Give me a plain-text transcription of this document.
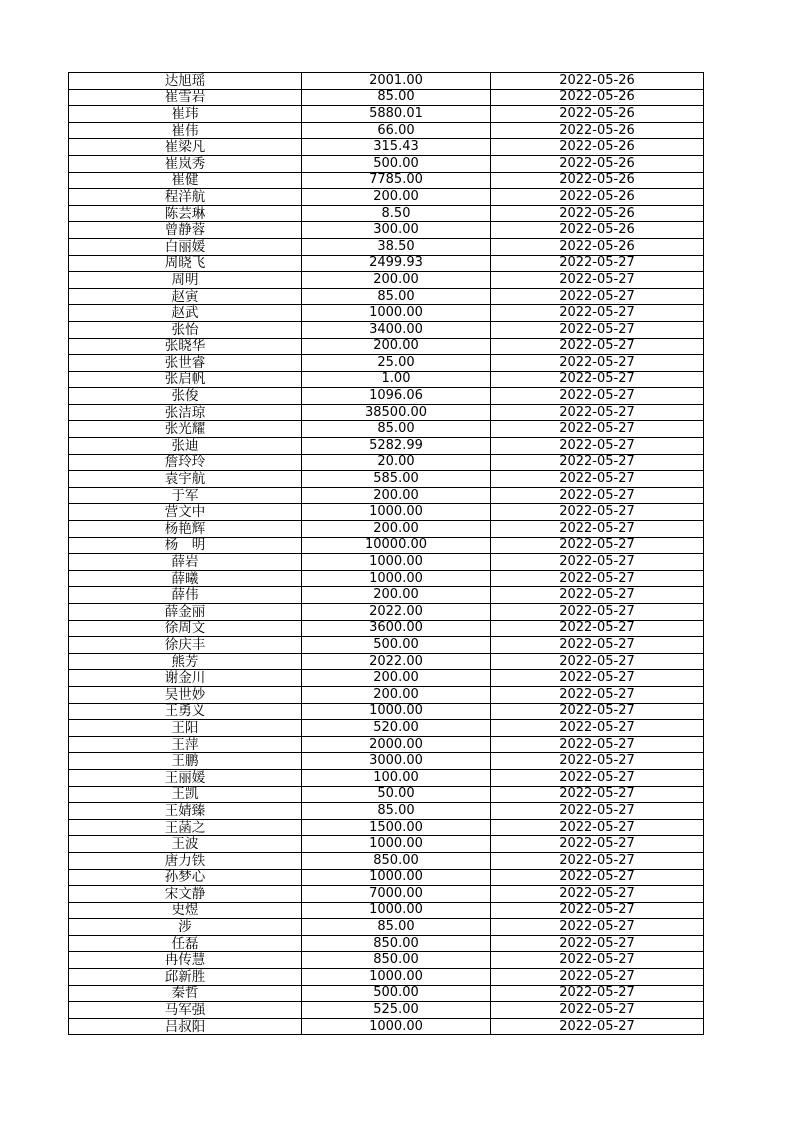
达旭瑶	2001.00	2022-05-26
崔雪岩	85.00	2022-05-26
崔玮	5880.01	2022-05-26
崔伟	66.00	2022-05-26
崔梁凡	315.43	2022-05-26
崔岚秀	500.00	2022-05-26
崔健	7785.00	2022-05-26
程洋航	200.00	2022-05-26
陈芸琳	8.50	2022-05-26
曾静蓉	300.00	2022-05-26
白丽媛	38.50	2022-05-26
周晓飞	2499.93	2022-05-27
周明	200.00	2022-05-27
赵寅	85.00	2022-05-27
赵武	1000.00	2022-05-27
张怡	3400.00	2022-05-27
张晓华	200.00	2022-05-27
张世睿	25.00	2022-05-27
张启帆	1.00	2022-05-27
张俊	1096.06	2022-05-27
张洁琼	38500.00	2022-05-27
张光耀	85.00	2022-05-27
张迪	5282.99	2022-05-27
詹玲玲	20.00	2022-05-27
袁宇航	585.00	2022-05-27
于军	200.00	2022-05-27
营文中	1000.00	2022-05-27
杨艳辉	200.00	2022-05-27
杨　明	10000.00	2022-05-27
薛岩	1000.00	2022-05-27
薛曦	1000.00	2022-05-27
薛伟	200.00	2022-05-27
薛金丽	2022.00	2022-05-27
徐周文	3600.00	2022-05-27
徐庆丰	500.00	2022-05-27
熊芳	2022.00	2022-05-27
谢金川	200.00	2022-05-27
吴世妙	200.00	2022-05-27
王勇义	1000.00	2022-05-27
王阳	520.00	2022-05-27
王萍	2000.00	2022-05-27
王鹏	3000.00	2022-05-27
王丽媛	100.00	2022-05-27
王凯	50.00	2022-05-27
王婧臻	85.00	2022-05-27
王菡之	1500.00	2022-05-27
王波	1000.00	2022-05-27
唐力铁	850.00	2022-05-27
孙梦心	1000.00	2022-05-27
宋文静	7000.00	2022-05-27
史煜	1000.00	2022-05-27
涉	85.00	2022-05-27
任磊	850.00	2022-05-27
冉传慧	850.00	2022-05-27
邱新胜	1000.00	2022-05-27
秦哲	500.00	2022-05-27
马军强	525.00	2022-05-27
吕叔阳	1000.00	2022-05-27
